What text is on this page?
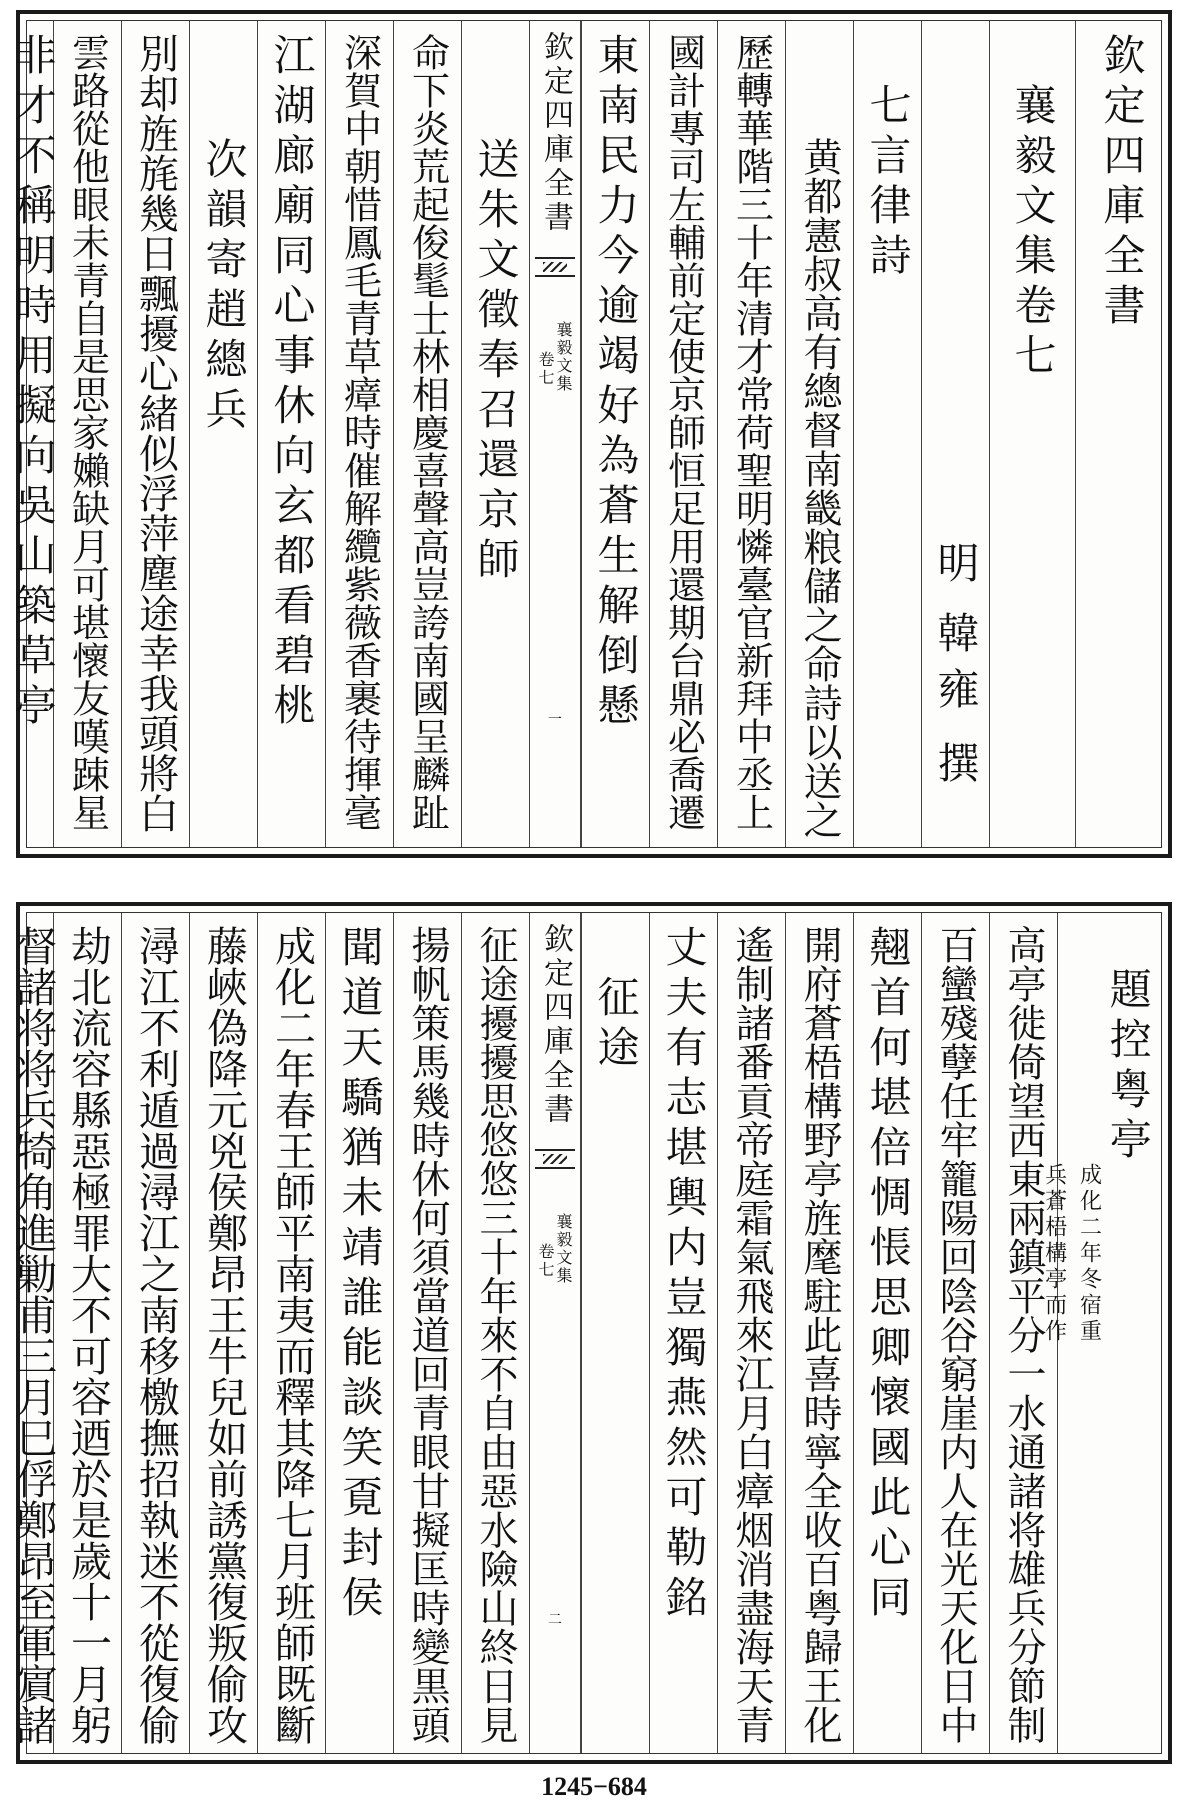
欽定四庫全書
襄毅文集卷七
明
韓雍
撰
七言律詩
黄都憲叔高有總督南畿粮儲之命詩以送之
歷轉華階三十年清才常荷聖明憐臺官新拜中丞上
國計專司左輔前定使京師恒足用還期台鼎必喬遷
東南民力今逾竭好為蒼生解倒懸
欽定四庫全書
襄毅文集
卷七
一
送朱文徵奉召還京師
命下炎荒起俊髦士林相慶喜聲高豈誇南國呈麟趾
深賀中朝惜鳳毛青草瘴時催解纜紫薇香裹待揮毫
江湖廊廟同心事休向玄都看碧桃
次韻寄趙總兵
別却旌旄幾日飄擾心緒似浮萍塵途幸我頭將白
雲路從他眼未青自是思家嬾缺月可堪懷友嘆踈星
非才不稱明時用擬向吳山築草亭
題控粤亭
成化二年冬宿重
兵蒼梧構亭而作
高亭徙倚望西東兩鎮平分一水通諸将雄兵分節制
百蠻殘孽任牢籠陽回陰谷窮崖内人在光天化日中
翹首何堪倍惆悵思卿懷國此心同
開府蒼梧構野亭旌麾駐此喜時寧全收百粤歸王化
遙制諸番貢帝庭霜氣飛來江月白瘴烟消盡海天青
丈夫有志堪輿内豈獨燕然可勒銘
征途
欽定四庫全書
襄毅文集
卷七
二
征途擾擾思悠悠三十年來不自由惡水險山終日見
揚帆策馬幾時休何須當道回青眼甘擬匡時變黒頭
聞道天驕猶未靖誰能談笑覔封侯
成化二年春王師平南夷而釋其降七月班師既斷
藤峽偽降元兇侯鄭昂王牛兒如前誘黨復叛偷攻
潯江不利遁過潯江之南移檄撫招執迷不從復偷
劫北流容縣惡極罪大不可容迺於是歲十一月躬
督諸将将兵犄角進勦甫三月巳俘鄭昂至軍賔諸
1245−684
